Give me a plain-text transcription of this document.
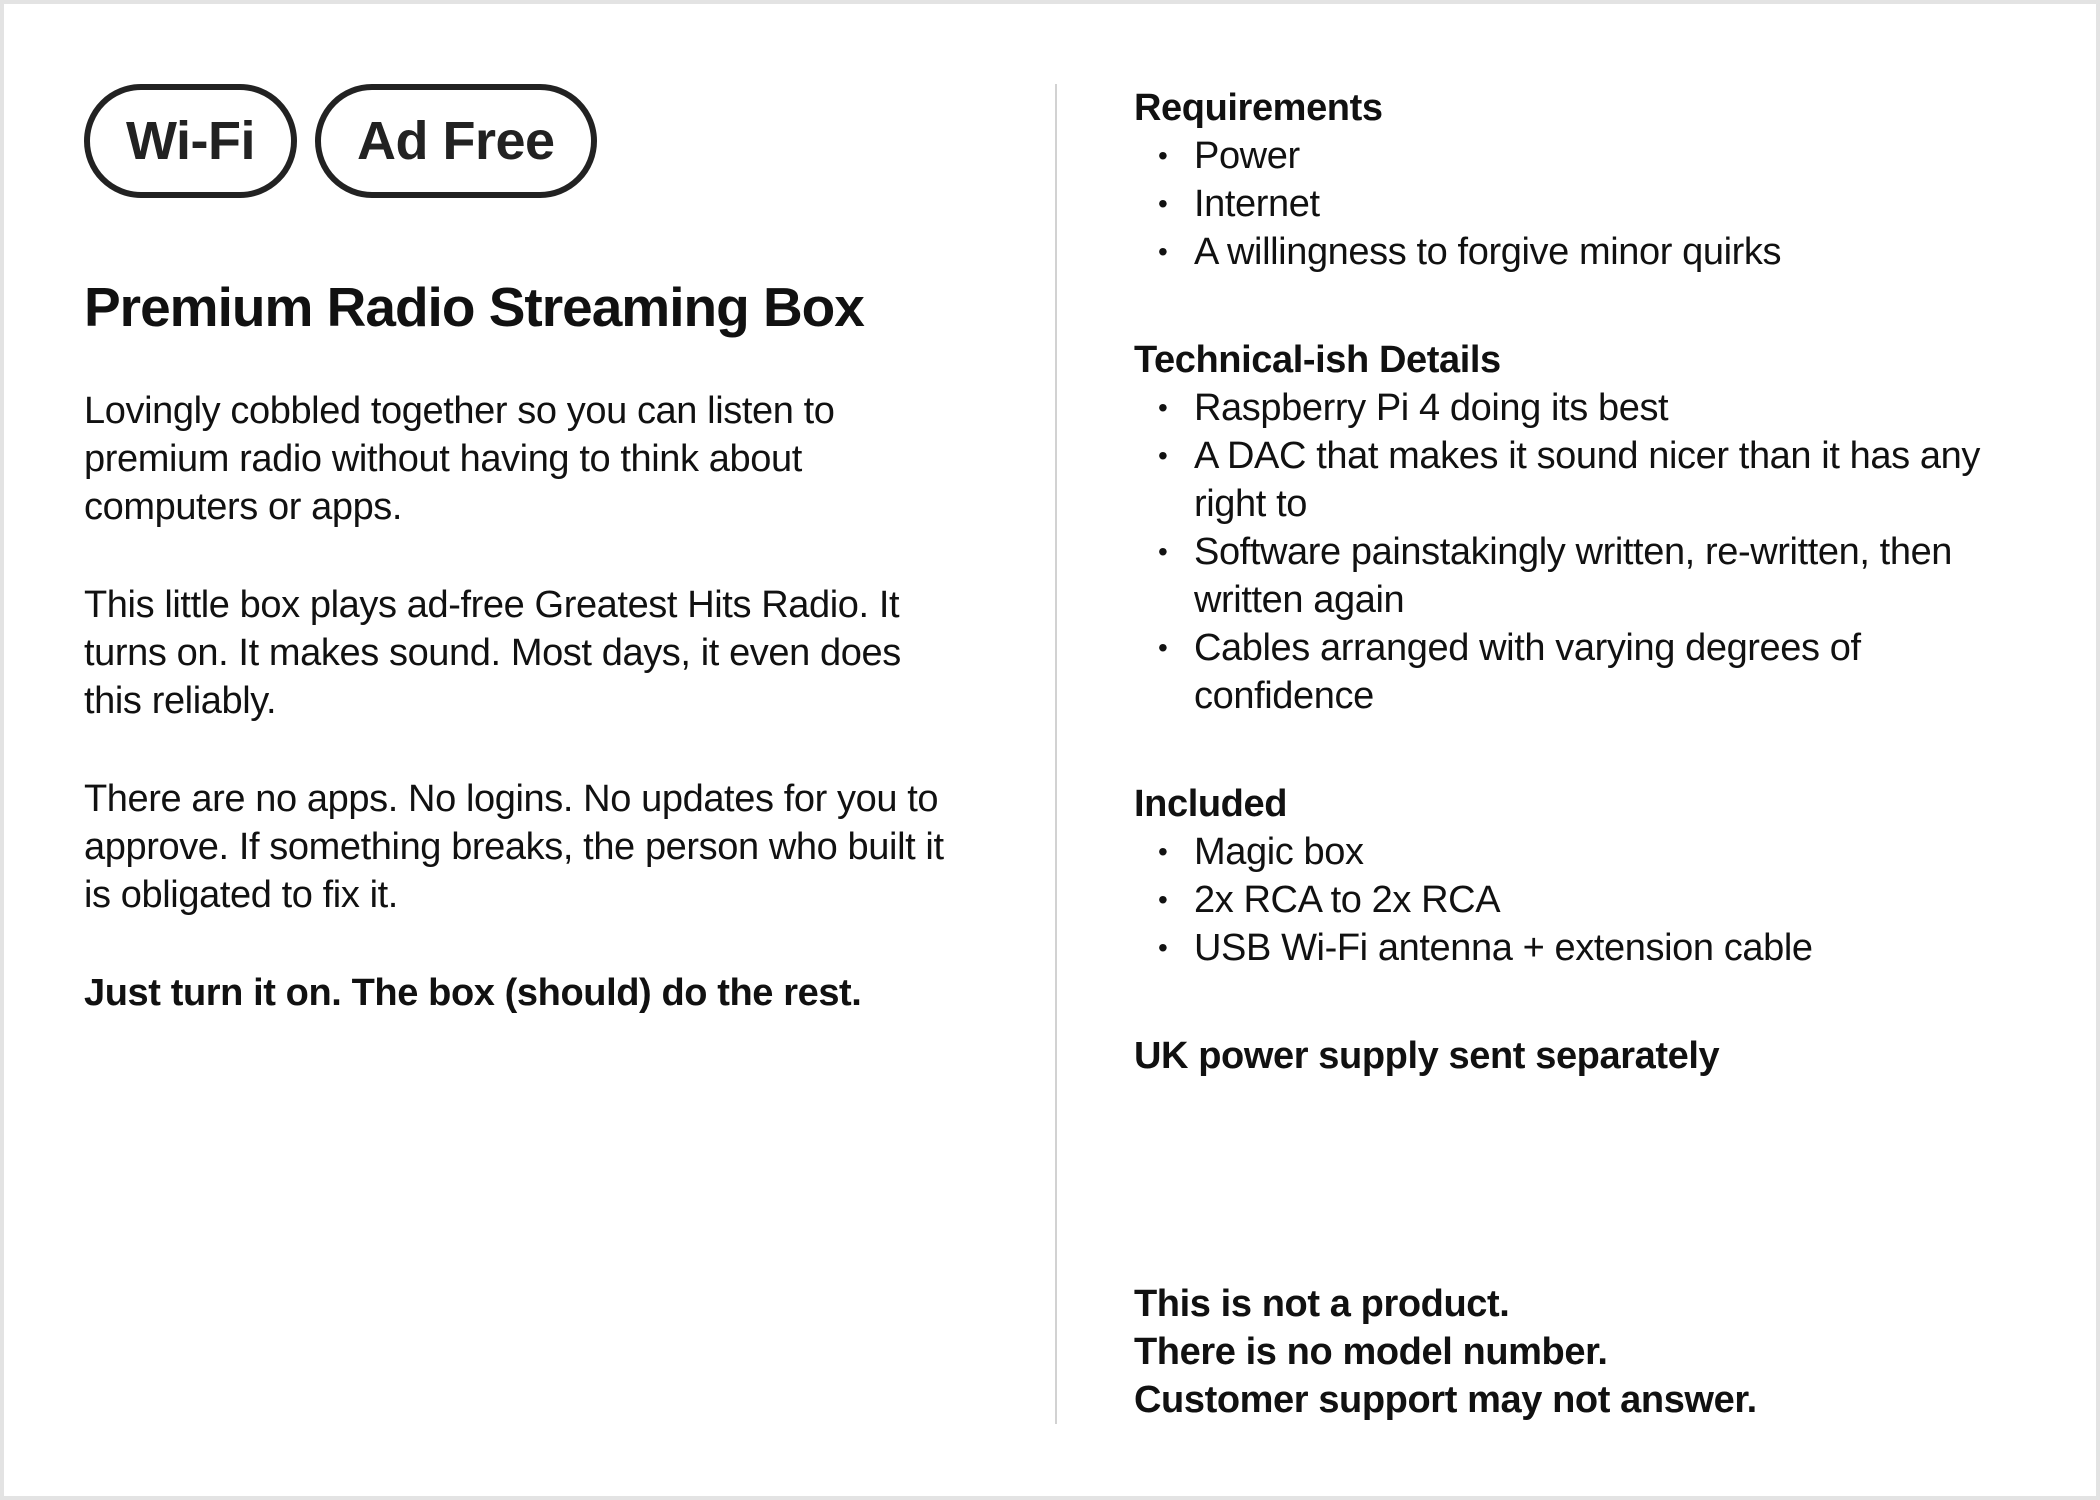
Wi-Fi	Ad Free
Premium Radio Streaming Box

Lovingly cobbled together so you can listen to premium radio without having to think about computers or apps.

This little box plays ad-free Greatest Hits Radio. It turns on. It makes sound. Most days, it even does this reliably.

There are no apps. No logins. No updates for you to approve. If something breaks, the person who built it is obligated to fix it.

Just turn it on. The box (should) do the rest.

Requirements
• Power
• Internet
• A willingness to forgive minor quirks
Technical-ish Details
• Raspberry Pi 4 doing its best
• A DAC that makes it sound nicer than it has any right to
• Software painstakingly written, re-written, then written again
• Cables arranged with varying degrees of confidence
Included
• Magic box
• 2x RCA to 2x RCA
• USB Wi-Fi antenna + extension cable
UK power supply sent separately
This is not a product.
There is no model number.
Customer support may not answer.
